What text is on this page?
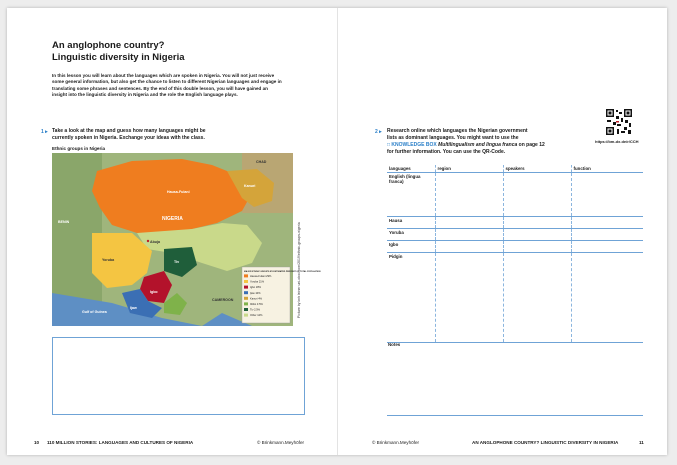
An anglophone country?
Linguistic diversity in Nigeria
In this lesson you will learn about the languages which are spoken in Nigeria. You will not just receive some general information, but also get the chance to listen to different Nigerian languages and engage in translating some phrases and sentences. By the end of this double lesson, you will have gained an insight into the linguistic diversity in Nigeria and the role the English language plays.
1 ▸ Take a look at the map and guess how many languages might be
currently spoken in Nigeria. Exchange your ideas with the class.
Ethnic groups in Nigeria
MAJOR ETHNIC GROUPS BY ESTIMATED PERCENT OF TOTAL POPULATION
Hausa-Fulani 29%
Yoruba 21%
Igbo 18%
Ijaw 10%
Kanuri 4%
Ibibio 3.5%
Tiv 2.5%
Other 12%
NIGERIA
CHAD
BENIN
Hausa-Fulani
Kanuri
Yoruba
Igbo
Abuja
Tiv
Ijaw
Gulf of Guinea
CAMEROON	Picture by kvh leiner uni-obwi.com/2019/ethnic-groups-nigeria
10 110 MILLION STORIES: LANGUAGES AND CULTURES OF NIGERIA	© Brinkmann.Meyhöfer
2 ▸ Research online which languages the Nigerian government
lists as dominant languages. You might want to use the
□ KNOWLEDGE BOX Multilingualism and lingua franca on page 12
for further information. You can use the QR-Code.
https://bm-dx.de/r/CCH
languages	region	speakers	function
English (lingua franca)			
Hausa			
Yoruba			
Igbo			
Pidgin			
Notes
© Brinkmann.Meyhöfer	AN ANGLOPHONE COUNTRY? LINGUISTIC DIVERSITY IN NIGERIA	11
